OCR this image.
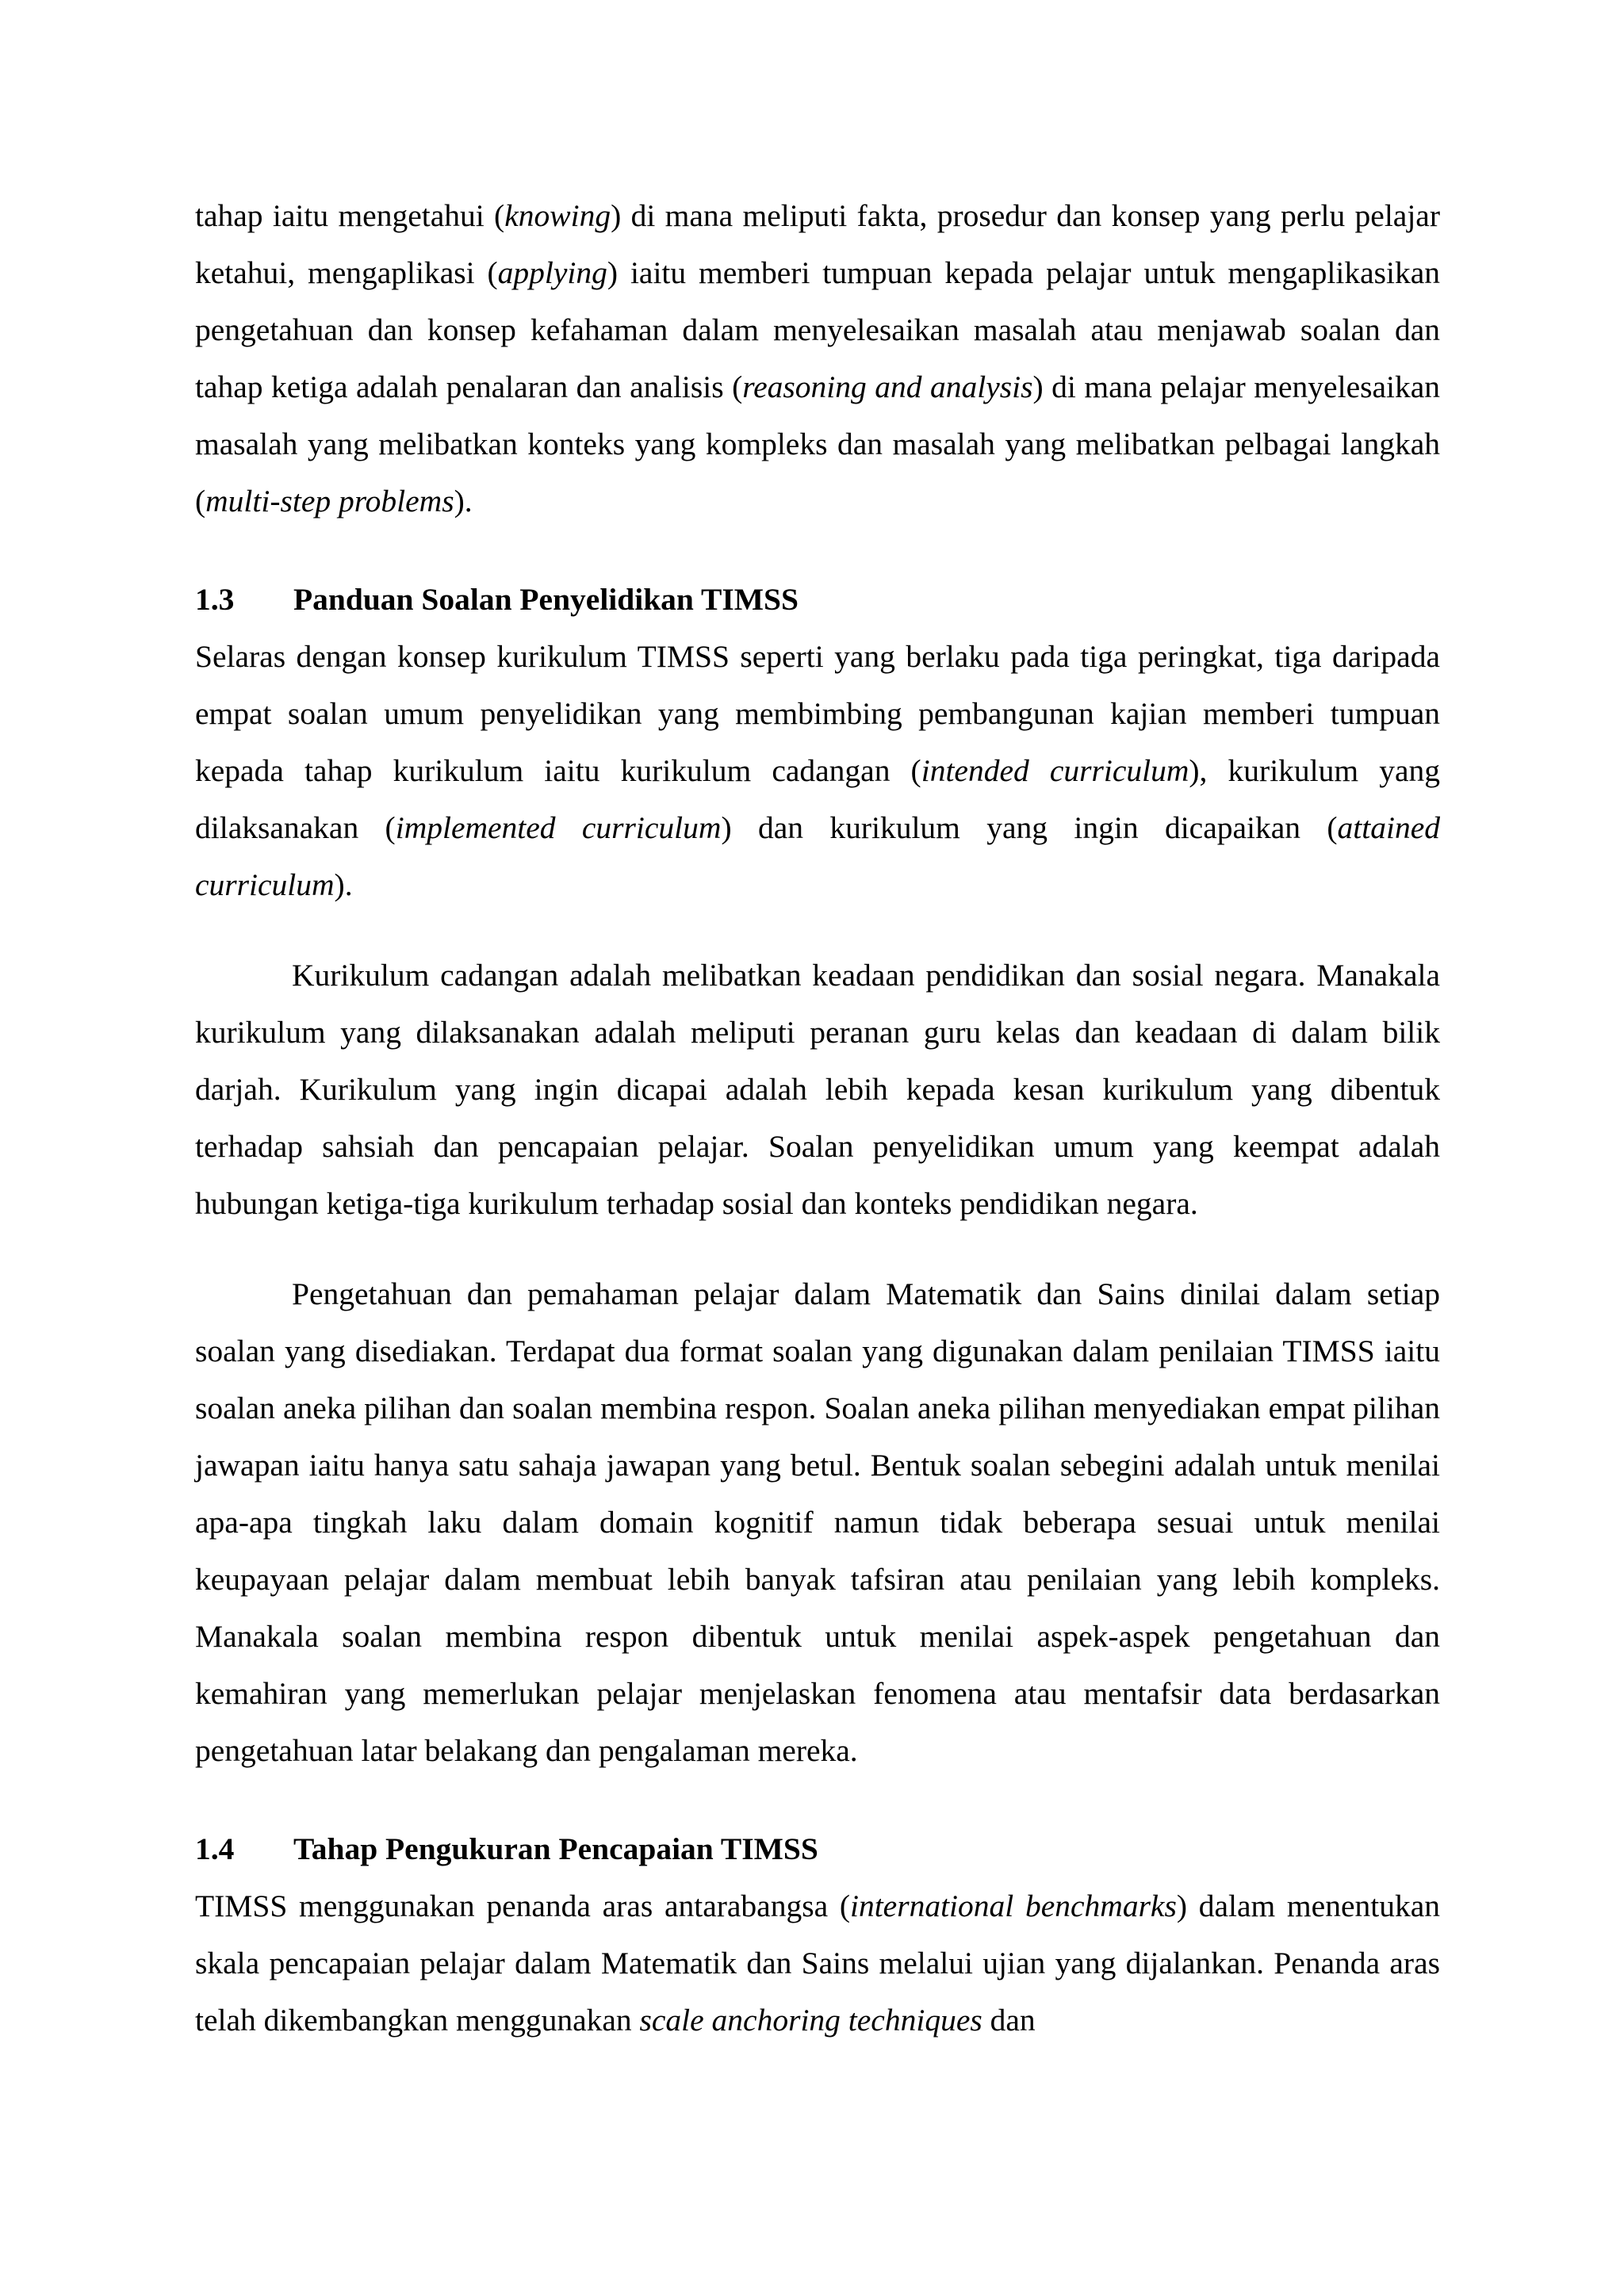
tahap iaitu mengetahui (knowing) di mana meliputi fakta, prosedur dan konsep yang perlu pelajar ketahui, mengaplikasi (applying) iaitu memberi tumpuan kepada pelajar untuk mengaplikasikan pengetahuan dan konsep kefahaman dalam menyelesaikan masalah atau menjawab soalan dan tahap ketiga adalah penalaran dan analisis (reasoning and analysis) di mana pelajar menyelesaikan masalah yang melibatkan konteks yang kompleks dan masalah yang melibatkan pelbagai langkah (multi-step problems).

1.3 Panduan Soalan Penyelidikan TIMSS

Selaras dengan konsep kurikulum TIMSS seperti yang berlaku pada tiga peringkat, tiga daripada empat soalan umum penyelidikan yang membimbing pembangunan kajian memberi tumpuan kepada tahap kurikulum iaitu kurikulum cadangan (intended curriculum), kurikulum yang dilaksanakan (implemented curriculum) dan kurikulum yang ingin dicapaikan (attained curriculum).

Kurikulum cadangan adalah melibatkan keadaan pendidikan dan sosial negara. Manakala kurikulum yang dilaksanakan adalah meliputi peranan guru kelas dan keadaan di dalam bilik darjah. Kurikulum yang ingin dicapai adalah lebih kepada kesan kurikulum yang dibentuk terhadap sahsiah dan pencapaian pelajar. Soalan penyelidikan umum yang keempat adalah hubungan ketiga-tiga kurikulum terhadap sosial dan konteks pendidikan negara.

Pengetahuan dan pemahaman pelajar dalam Matematik dan Sains dinilai dalam setiap soalan yang disediakan. Terdapat dua format soalan yang digunakan dalam penilaian TIMSS iaitu soalan aneka pilihan dan soalan membina respon. Soalan aneka pilihan menyediakan empat pilihan jawapan iaitu hanya satu sahaja jawapan yang betul. Bentuk soalan sebegini adalah untuk menilai apa-apa tingkah laku dalam domain kognitif namun tidak beberapa sesuai untuk menilai keupayaan pelajar dalam membuat lebih banyak tafsiran atau penilaian yang lebih kompleks. Manakala soalan membina respon dibentuk untuk menilai aspek-aspek pengetahuan dan kemahiran yang memerlukan pelajar menjelaskan fenomena atau mentafsir data berdasarkan pengetahuan latar belakang dan pengalaman mereka.

1.4 Tahap Pengukuran Pencapaian TIMSS

TIMSS menggunakan penanda aras antarabangsa (international benchmarks) dalam menentukan skala pencapaian pelajar dalam Matematik dan Sains melalui ujian yang dijalankan. Penanda aras telah dikembangkan menggunakan scale anchoring techniques dan
